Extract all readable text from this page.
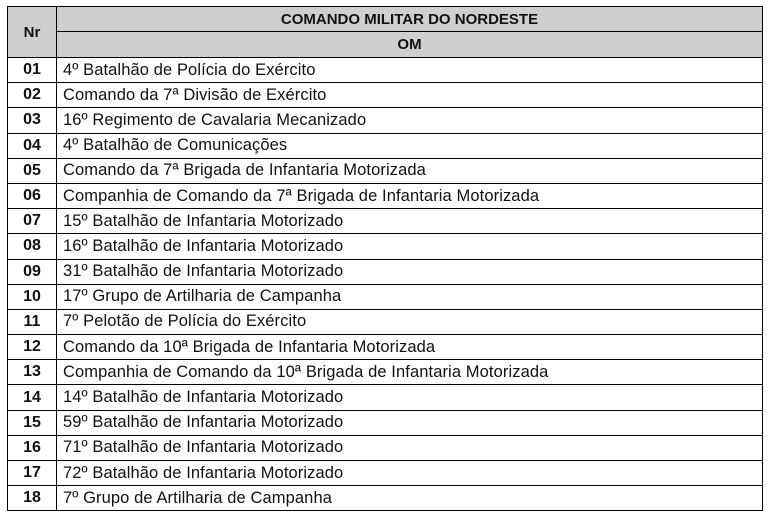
Nr	COMANDO MILITAR DO NORDESTE
	OM
01	4º Batalhão de Polícia do Exército
02	Comando da 7ª Divisão de Exército
03	16º Regimento de Cavalaria Mecanizado
04	4º Batalhão de Comunicações
05	Comando da 7ª Brigada de Infantaria Motorizada
06	Companhia de Comando da 7ª Brigada de Infantaria Motorizada
07	15º Batalhão de Infantaria Motorizado
08	16º Batalhão de Infantaria Motorizado
09	31º Batalhão de Infantaria Motorizado
10	17º Grupo de Artilharia de Campanha
11	7º Pelotão de Polícia do Exército
12	Comando da 10ª Brigada de Infantaria Motorizada
13	Companhia de Comando da 10ª Brigada de Infantaria Motorizada
14	14º Batalhão de Infantaria Motorizado
15	59º Batalhão de Infantaria Motorizado
16	71º Batalhão de Infantaria Motorizado
17	72º Batalhão de Infantaria Motorizado
18	7º Grupo de Artilharia de Campanha
